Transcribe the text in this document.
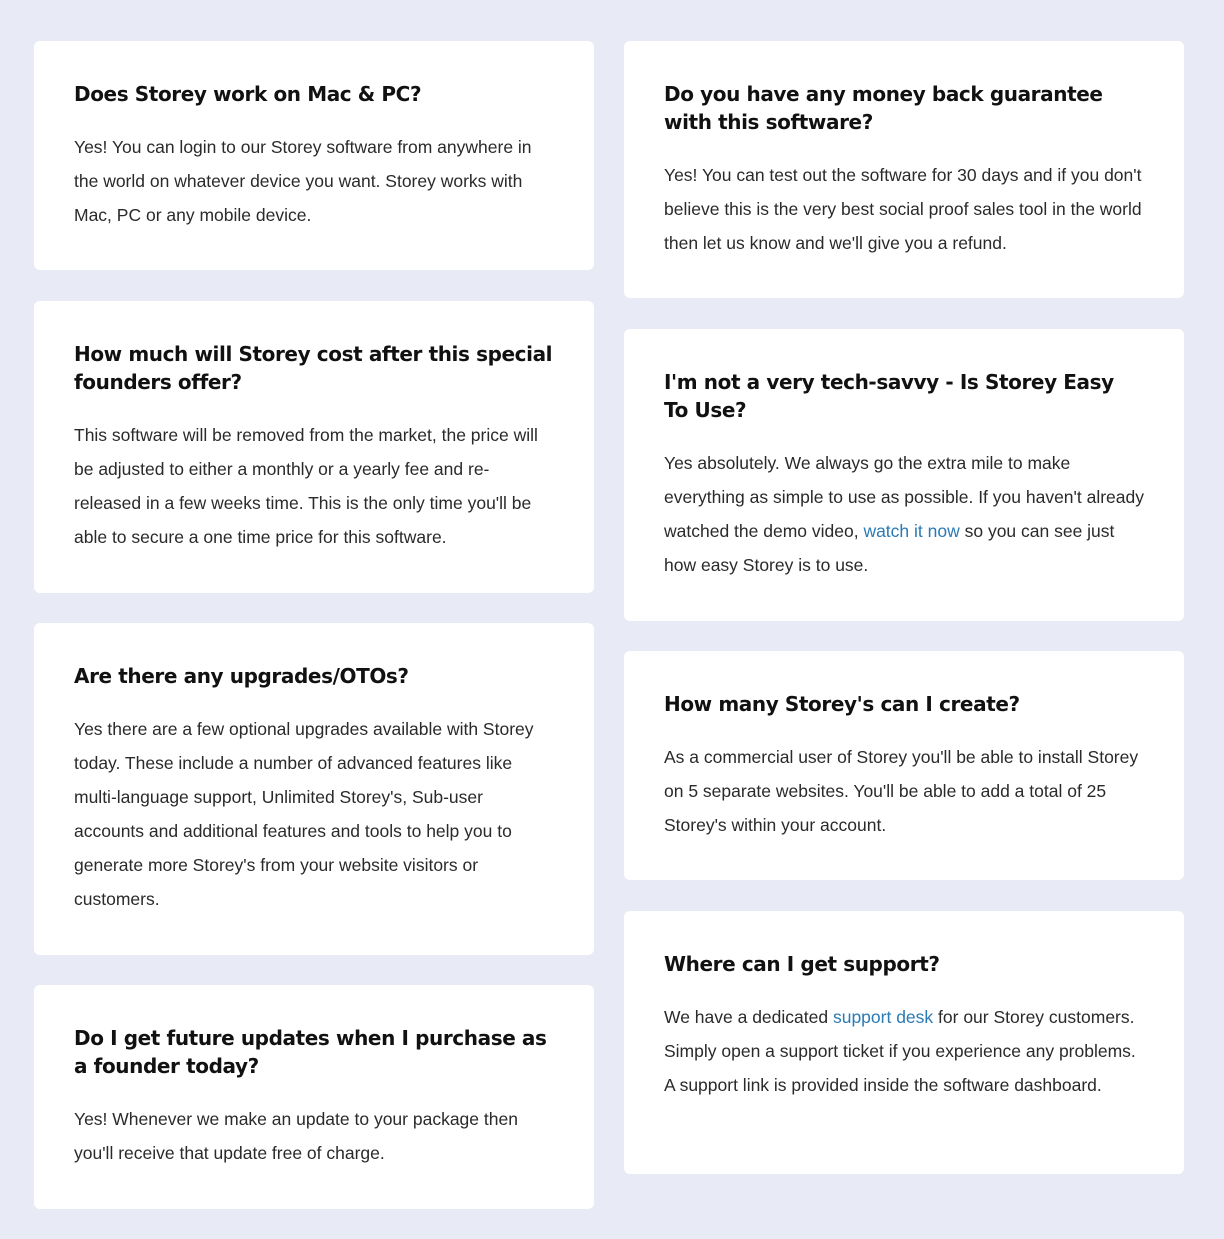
Does Storey work on Mac & PC?

Yes! You can login to our Storey software from anywhere in the world on whatever device you want. Storey works with Mac, PC or any mobile device.

How much will Storey cost after this special founders offer?

This software will be removed from the market, the price will be adjusted to either a monthly or a yearly fee and re-released in a few weeks time. This is the only time you'll be able to secure a one time price for this software.

Are there any upgrades/OTOs?

Yes there are a few optional upgrades available with Storey today. These include a number of advanced features like multi-language support, Unlimited Storey's, Sub-user accounts and additional features and tools to help you to generate more Storey's from your website visitors or customers.

Do I get future updates when I purchase as a founder today?

Yes! Whenever we make an update to your package then you'll receive that update free of charge.

Do you have any money back guarantee with this software?

Yes! You can test out the software for 30 days and if you don't believe this is the very best social proof sales tool in the world then let us know and we'll give you a refund.

I'm not a very tech-savvy - Is Storey Easy To Use?

Yes absolutely. We always go the extra mile to make everything as simple to use as possible. If you haven't already watched the demo video, watch it now so you can see just how easy Storey is to use.

How many Storey's can I create?

As a commercial user of Storey you'll be able to install Storey on 5 separate websites. You'll be able to add a total of 25 Storey's within your account.

Where can I get support?

We have a dedicated support desk for our Storey customers. Simply open a support ticket if you experience any problems. A support link is provided inside the software dashboard.
